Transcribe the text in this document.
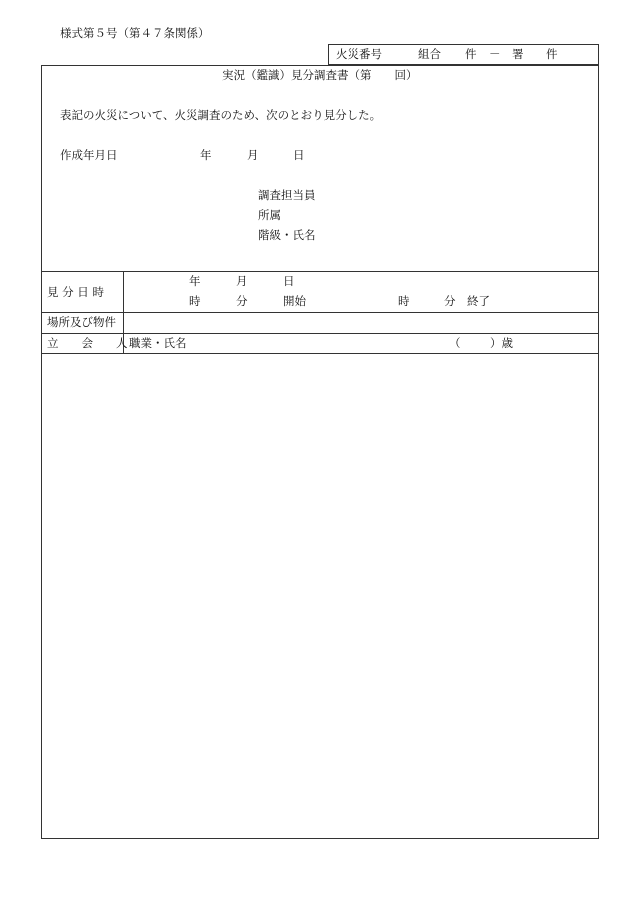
様式第５号（第４７条関係）
火災番号	組合 件 － 署 件
実況（鑑識）見分調査書（第　　回）
表記の火災について、火災調査のため、次のとおり見分した。
作成年月日	年	月	日
調査担当員
所属
階級・氏名
見 分 日 時
年	月	日
時	分	開始	時	分 終了
場所及び物件
立　　会　　人 職業・氏名	（	）歳
